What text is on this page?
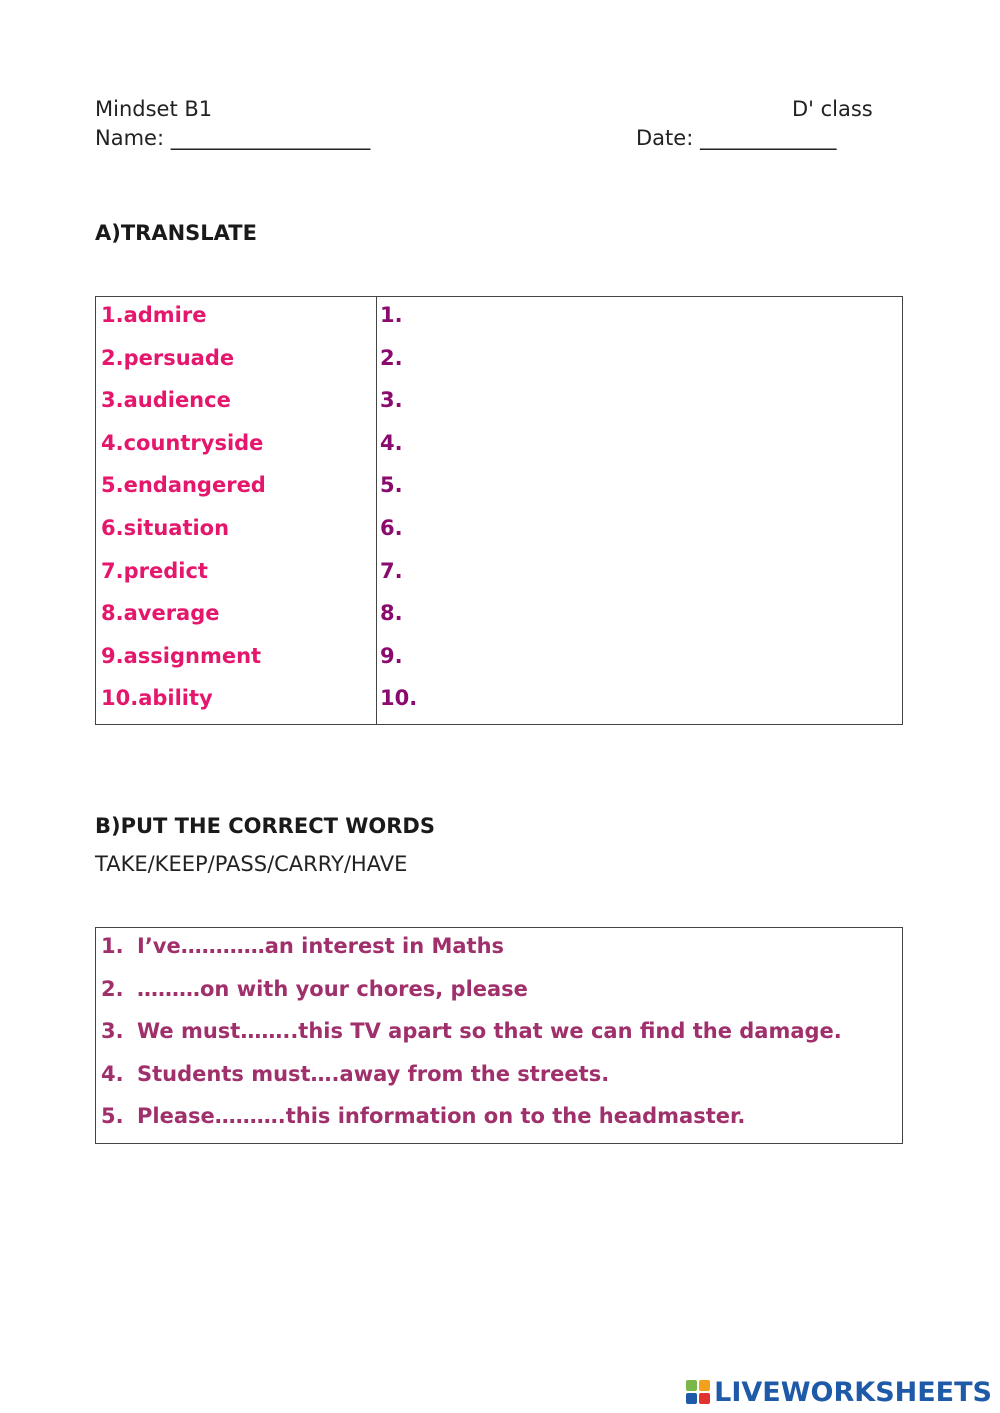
Mindset B1	D' class
Name: ___________________	Date: _____________
A)TRANSLATE
1.admire	1.
2.persuade	2.
3.audience	3.
4.countryside	4.
5.endangered	5.
6.situation	6.
7.predict	7.
8.average	8.
9.assignment	9.
10.ability	10.
B)PUT THE CORRECT WORDS
TAKE/KEEP/PASS/CARRY/HAVE
1. I’ve…………an interest in Maths
2. ………on with your chores, please
3. We must……..this TV apart so that we can find the damage.
4. Students must….away from the streets.
5. Please……….this information on to the headmaster.
LIVEWORKSHEETS
